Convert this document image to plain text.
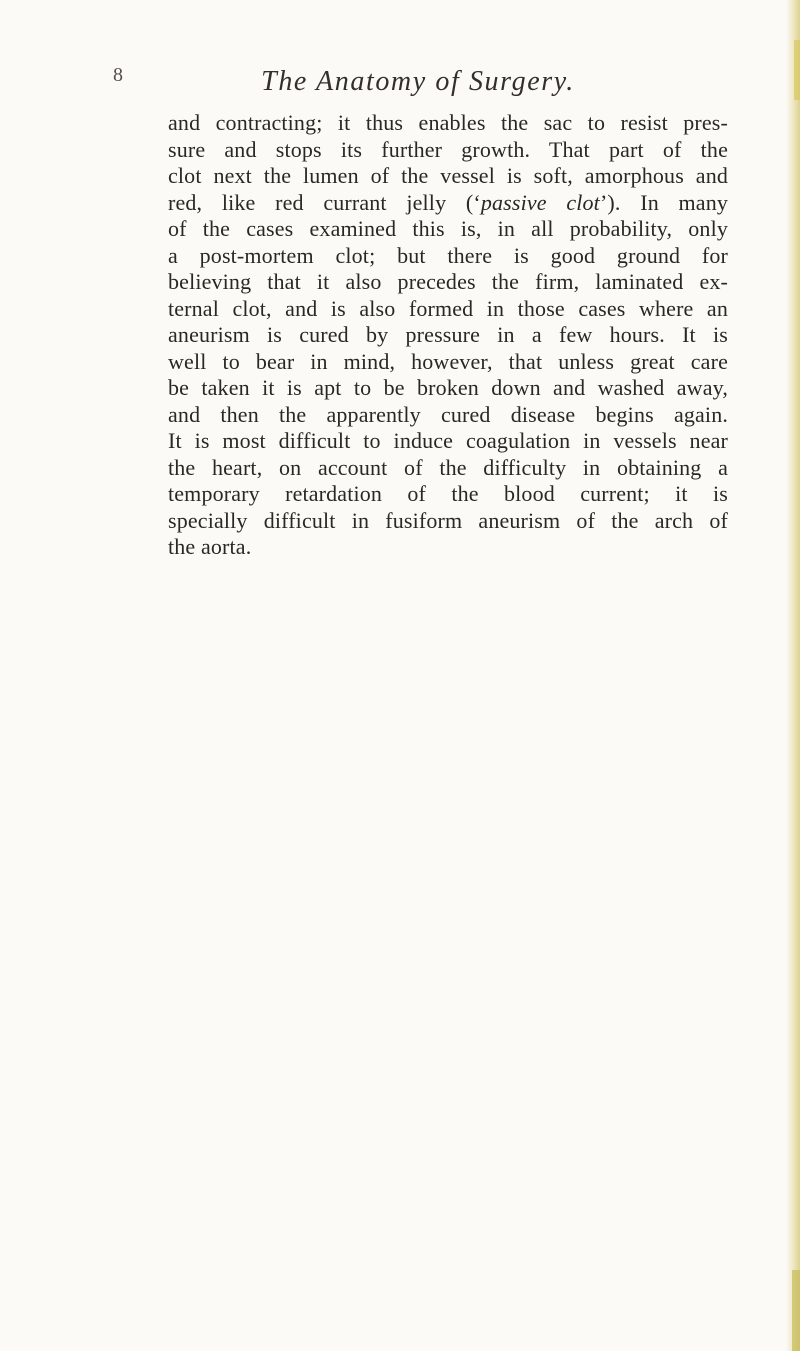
8	The Anatomy of Surgery.
and contracting; it thus enables the sac to resist pres-
sure and stops its further growth. That part of the
clot next the lumen of the vessel is soft, amorphous and
red, like red currant jelly (‘passive clot’). In many
of the cases examined this is, in all probability, only
a post-mortem clot; but there is good ground for
believing that it also precedes the firm, laminated ex-
ternal clot, and is also formed in those cases where an
aneurism is cured by pressure in a few hours. It is
well to bear in mind, however, that unless great care
be taken it is apt to be broken down and washed away,
and then the apparently cured disease begins again.
It is most difficult to induce coagulation in vessels near
the heart, on account of the difficulty in obtaining a
temporary retardation of the blood current; it is
specially difficult in fusiform aneurism of the arch of
the aorta.
